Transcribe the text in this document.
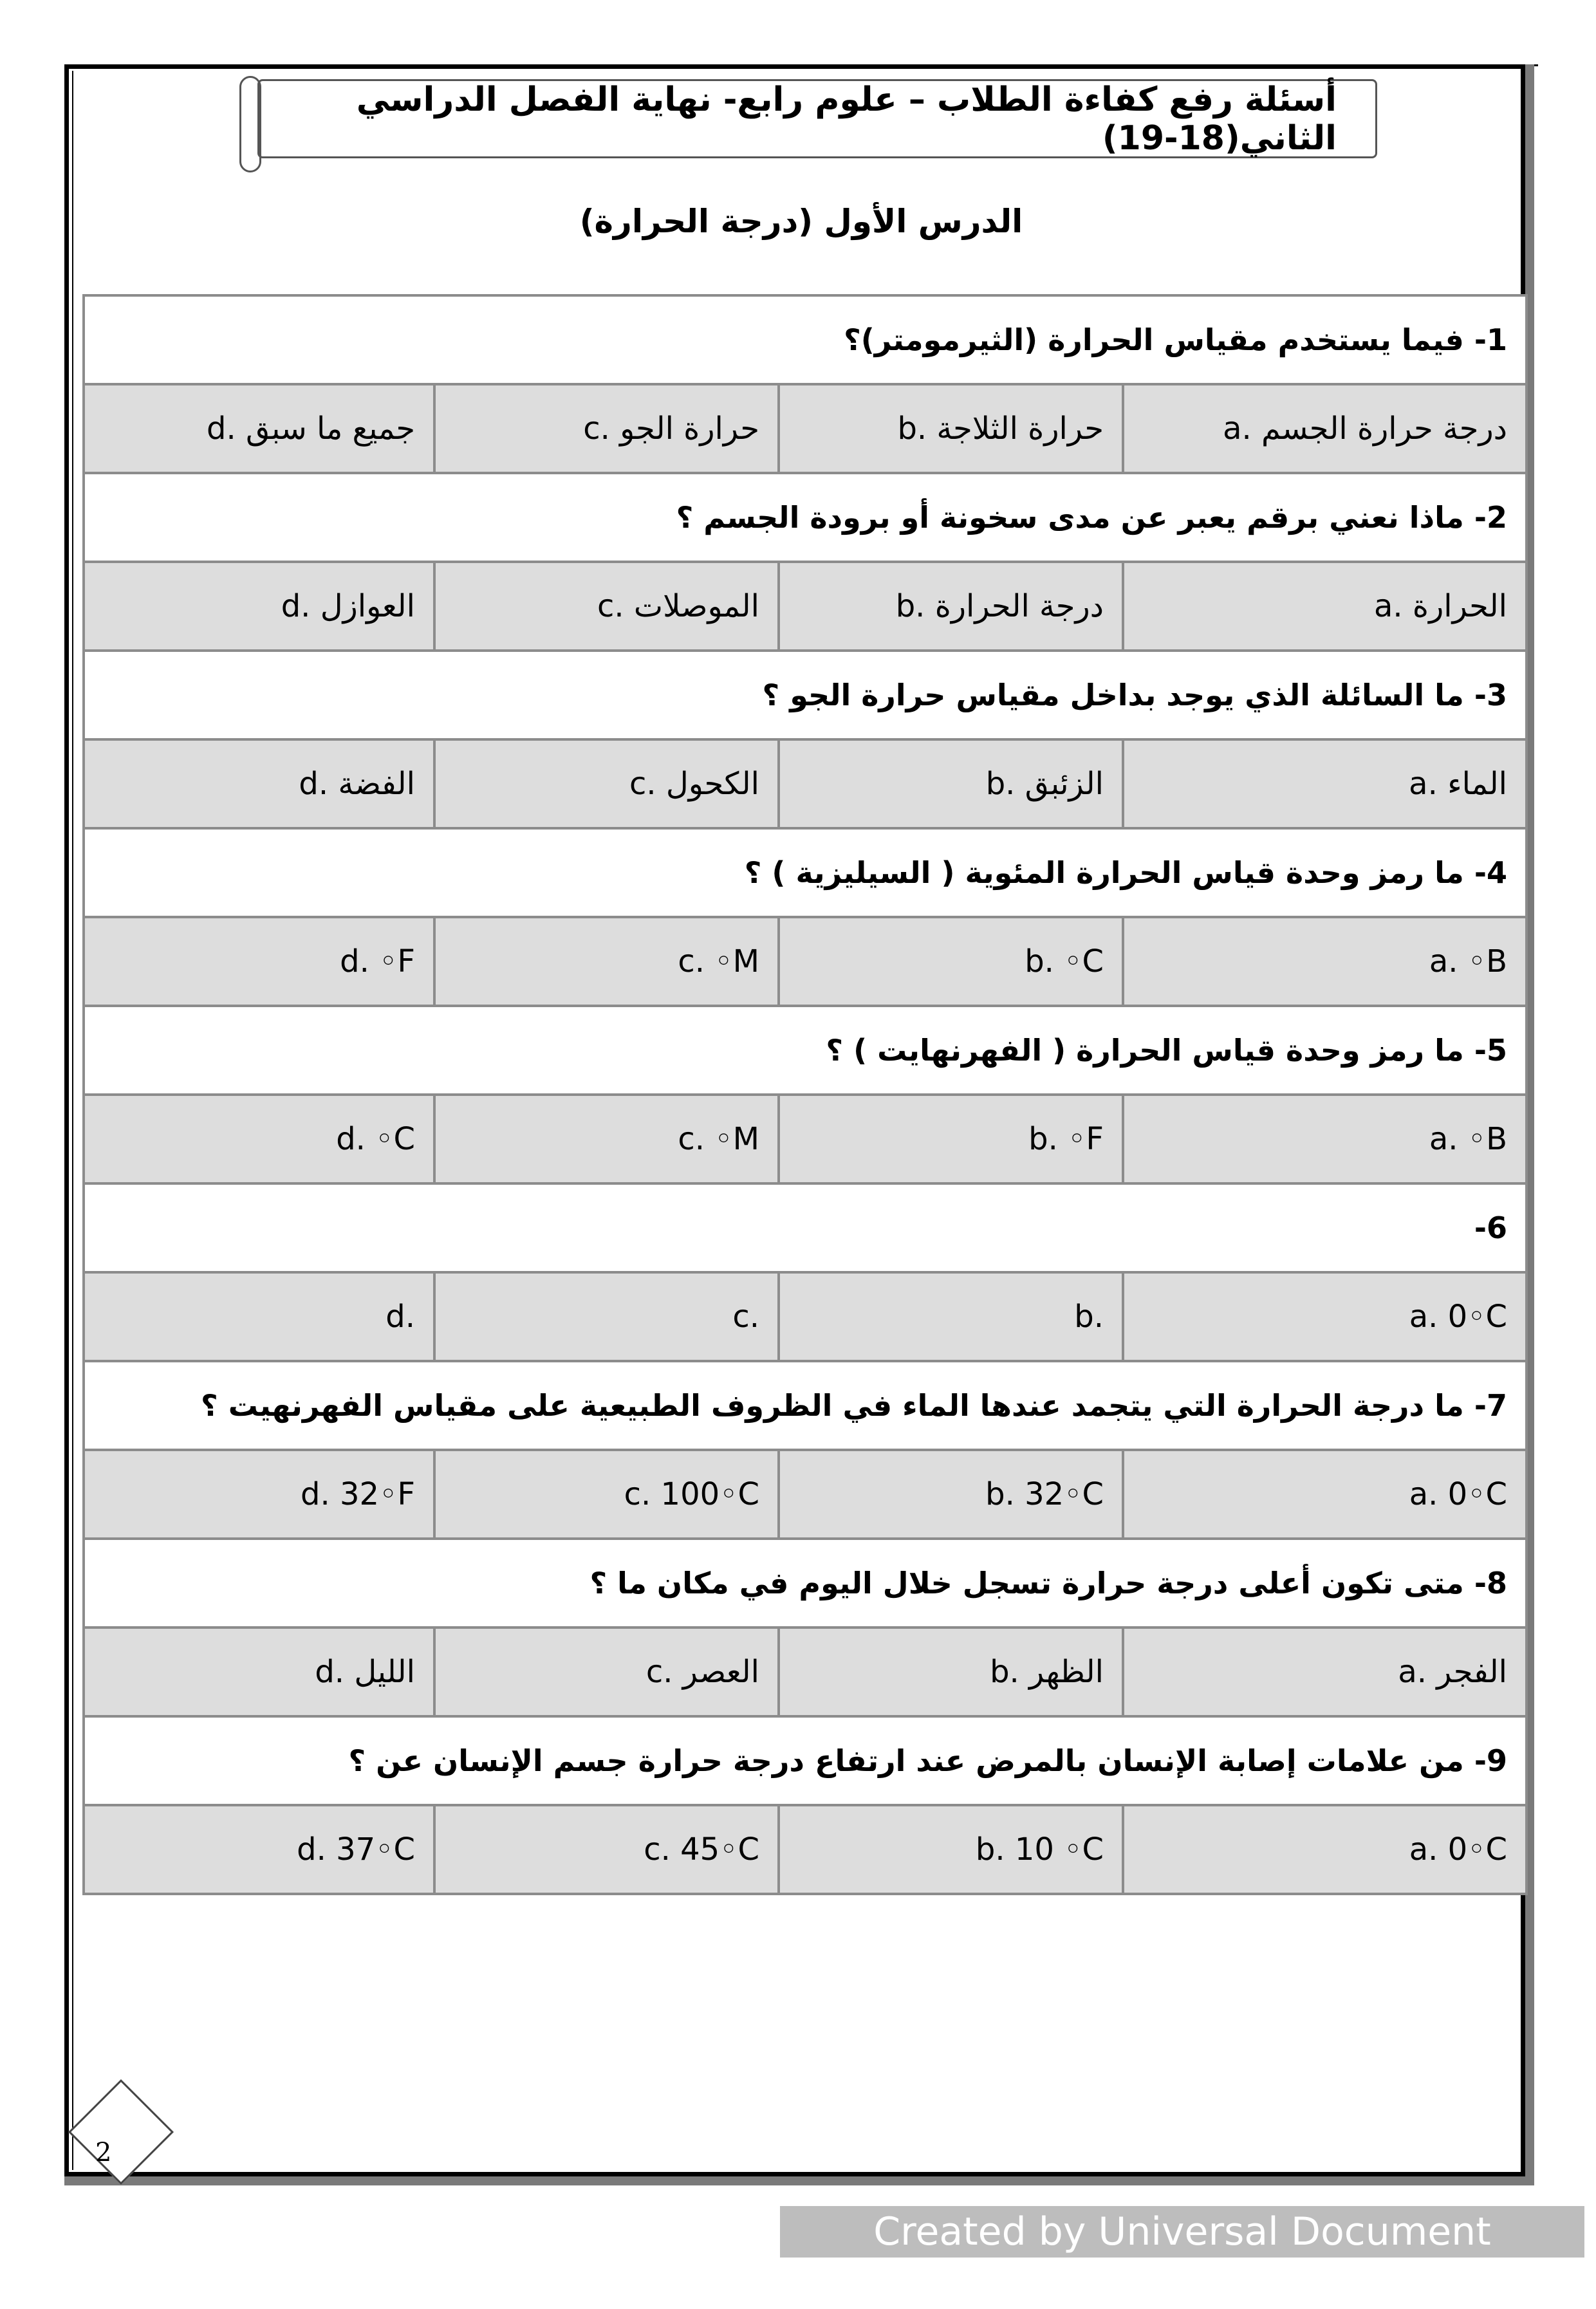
أسئلة رفع كفاءة الطلاب – علوم رابع- نهاية الفصل الدراسي الثاني(18-19)
الدرس الأول (درجة الحرارة)
1- فيما يستخدم مقياس الحرارة (الثيرمومتر)؟			
d. جميع ما سبق	c. حرارة الجو	b. حرارة الثلاجة	a. درجة حرارة الجسم
2- ماذا نعني برقم يعبر عن مدى سخونة أو برودة الجسم ؟			
d. العوازل	c. الموصلات	b. درجة الحرارة	a. الحرارة
3- ما السائلة الذي يوجد بداخل مقياس حرارة الجو ؟			
d. الفضة	c. الكحول	b. الزئبق	a. الماء
4- ما رمز وحدة قياس الحرارة المئوية ( السيليزية ) ؟			
d. ◦F	c. ◦M	b. ◦C	a. ◦B
5- ما رمز وحدة قياس الحرارة ( الفهرنهايت ) ؟			
d. ◦C	c. ◦M	b. ◦F	a. ◦B
6-			
d.	c.	b.	a. 0◦C
7- ما درجة الحرارة التي يتجمد عندها الماء في الظروف الطبيعية على مقياس الفهرنهيت ؟			
d. 32◦F	c. 100◦C	b. 32◦C	a. 0◦C
8- متى تكون أعلى درجة حرارة تسجل خلال اليوم في مكان ما ؟			
d. الليل	c. العصر	b. الظهر	a. الفجر
9- من علامات إصابة الإنسان بالمرض عند ارتفاع درجة حرارة جسم الإنسان عن ؟			
d. 37◦C	c. 45◦C	b. 10 ◦C	a. 0◦C
2
Created by Universal Document Converter
